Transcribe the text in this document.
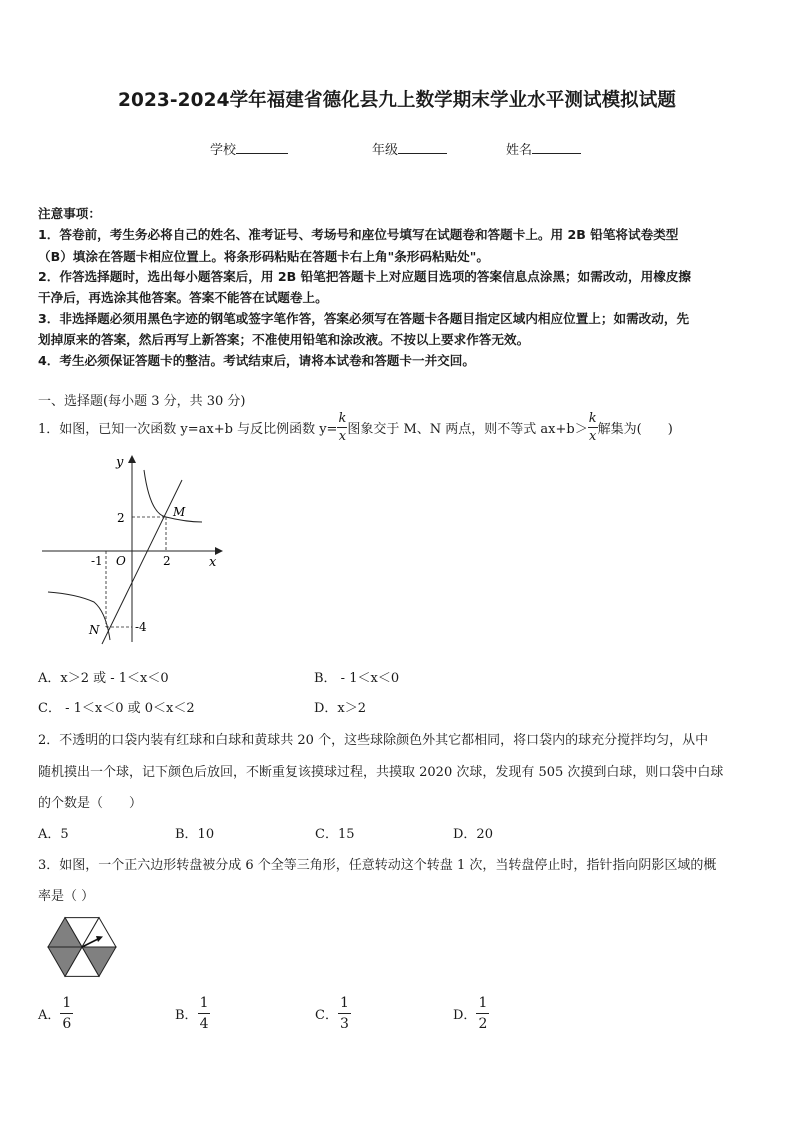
2023-2024学年福建省德化县九上数学期末学业水平测试模拟试题
学校	年级	姓名
注意事项：
1．答卷前，考生务必将自己的姓名、准考证号、考场号和座位号填写在试题卷和答题卡上。用 2B 铅笔将试卷类型
（B）填涂在答题卡相应位置上。将条形码粘贴在答题卡右上角"条形码粘贴处"。
2．作答选择题时，选出每小题答案后，用 2B 铅笔把答题卡上对应题目选项的答案信息点涂黑；如需改动，用橡皮擦
干净后，再选涂其他答案。答案不能答在试题卷上。
3．非选择题必须用黑色字迹的钢笔或签字笔作答，答案必须写在答题卡各题目指定区域内相应位置上；如需改动，先
划掉原来的答案，然后再写上新答案；不准使用铅笔和涂改液。不按以上要求作答无效。
4．考生必须保证答题卡的整洁。考试结束后，请将本试卷和答题卡一并交回。
一、选择题(每小题 3 分，共 30 分)
1．如图，已知一次函数 y=ax+b 与反比例函数 $y= \frac{k}{x}$ 图象交于 M、N 两点，则不等式 $ax+b> \frac{k}{x}$ 解集为(　　)
y
x
O
2
-1	2
-4
M
N
A．x＞2 或 - 1＜x＜0	B． - 1＜x＜0
C． - 1＜x＜0 或 0＜x＜2	D．x＞2
2．不透明的口袋内装有红球和白球和黄球共 20 个，这些球除颜色外其它都相同，将口袋内的球充分搅拌均匀，从中
随机摸出一个球，记下颜色后放回，不断重复该摸球过程，共摸取 2020 次球，发现有 505 次摸到白球，则口袋中白球
的个数是（　　）
A．5	B．10	C．15	D．20
3．如图，一个正六边形转盘被分成 6 个全等三角形，任意转动这个转盘 1 次，当转盘停止时，指针指向阴影区域的概
率是（ ）
A．
1
6
B．
1
4
C．
1
3
D．
1
2
